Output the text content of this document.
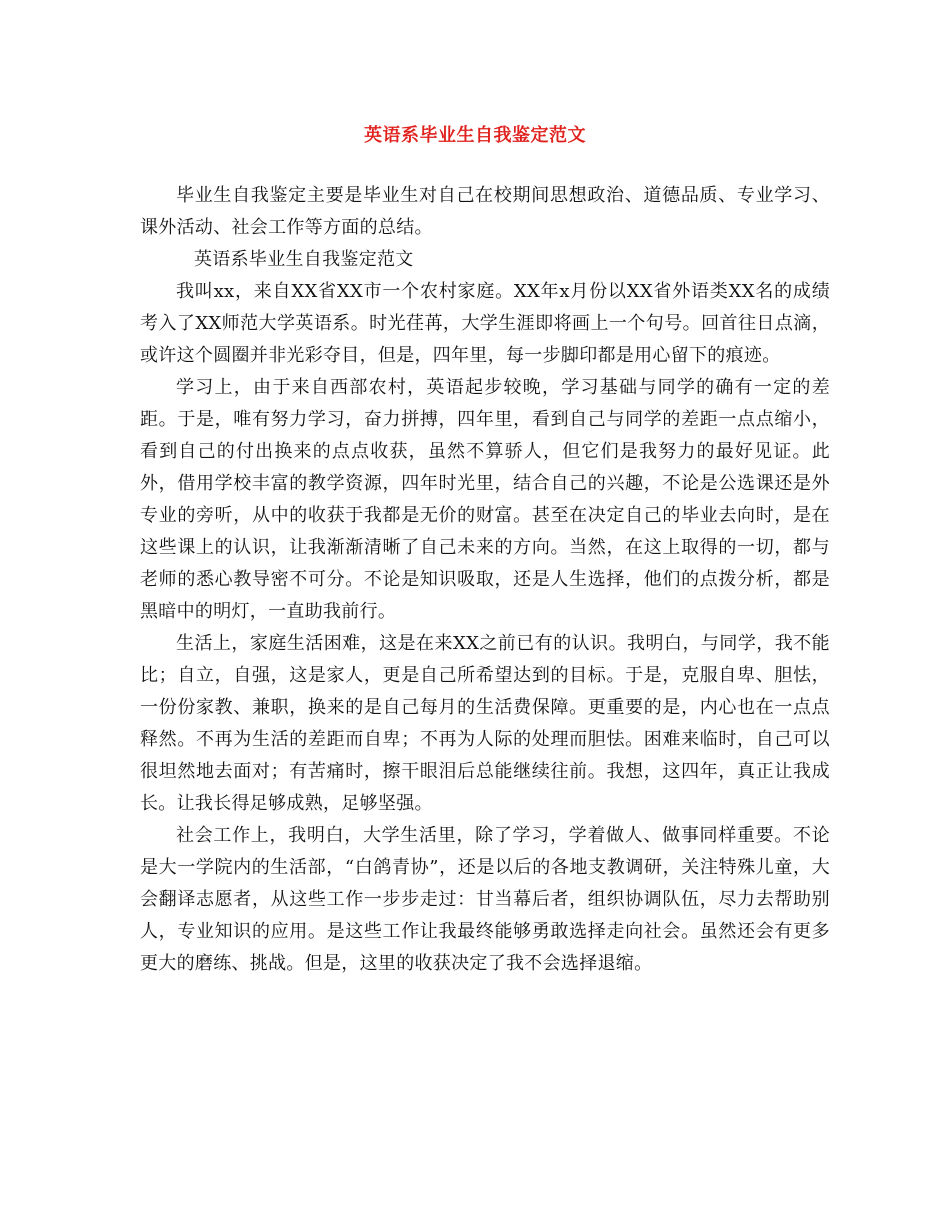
英语系毕业生自我鉴定范文

毕业生自我鉴定主要是毕业生对自己在校期间思想政治、道德品质、专业学习、课外活动、社会工作等方面的总结。

英语系毕业生自我鉴定范文

我叫xx，来自XX省XX市一个农村家庭。XX年x月份以XX省外语类XX名的成绩考入了XX师范大学英语系。时光荏苒，大学生涯即将画上一个句号。回首往日点滴，或许这个圆圈并非光彩夺目，但是，四年里，每一步脚印都是用心留下的痕迹。

学习上，由于来自西部农村，英语起步较晚，学习基础与同学的确有一定的差距。于是，唯有努力学习，奋力拼搏，四年里，看到自己与同学的差距一点点缩小，看到自己的付出换来的点点收获，虽然不算骄人，但它们是我努力的最好见证。此外，借用学校丰富的教学资源，四年时光里，结合自己的兴趣，不论是公选课还是外专业的旁听，从中的收获于我都是无价的财富。甚至在决定自己的毕业去向时，是在这些课上的认识，让我渐渐清晰了自己未来的方向。当然，在这上取得的一切，都与老师的悉心教导密不可分。不论是知识吸取，还是人生选择，他们的点拨分析，都是黑暗中的明灯，一直助我前行。

生活上，家庭生活困难，这是在来XX之前已有的认识。我明白，与同学，我不能比；自立，自强，这是家人，更是自己所希望达到的目标。于是，克服自卑、胆怯，一份份家教、兼职，换来的是自己每月的生活费保障。更重要的是，内心也在一点点释然。不再为生活的差距而自卑；不再为人际的处理而胆怯。困难来临时，自己可以很坦然地去面对；有苦痛时，擦干眼泪后总能继续往前。我想，这四年，真正让我成长。让我长得足够成熟，足够坚强。

社会工作上，我明白，大学生活里，除了学习，学着做人、做事同样重要。不论是大一学院内的生活部，“白鸽青协”，还是以后的各地支教调研，关注特殊儿童，大会翻译志愿者，从这些工作一步步走过：甘当幕后者，组织协调队伍，尽力去帮助别人，专业知识的应用。是这些工作让我最终能够勇敢选择走向社会。虽然还会有更多更大的磨练、挑战。但是，这里的收获决定了我不会选择退缩。
